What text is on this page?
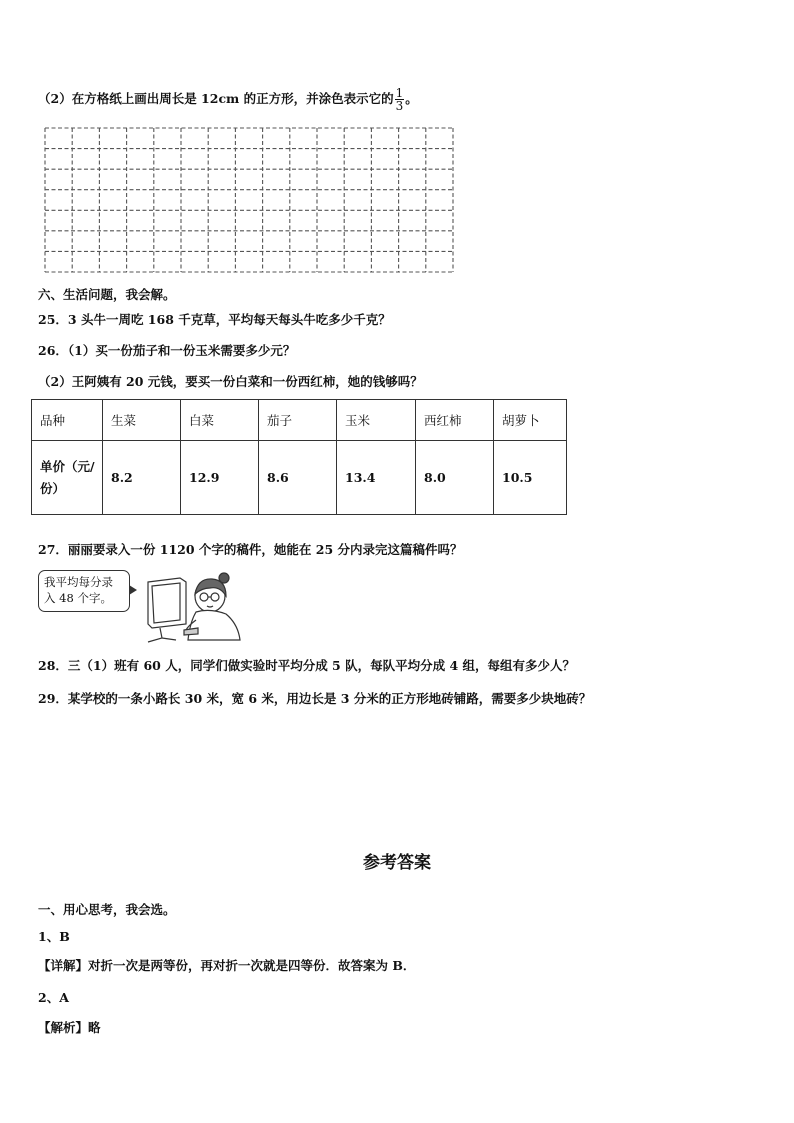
（2）在方格纸上画出周长是 12cm 的正方形，并涂色表示它的 $\frac{1}{3}$ 。
六、生活问题，我会解。
25．3 头牛一周吃 168 千克草，平均每天每头牛吃多少千克？
26．（1）买一份茄子和一份玉米需要多少元？
（2）王阿姨有 20 元钱，要买一份白菜和一份西红柿，她的钱够吗？
品种	生菜	白菜	茄子	玉米	西红柿	胡萝卜
单价（元/
份）	8.2	12.9	8.6	13.4	8.0	10.5
27．丽丽要录入一份 1120 个字的稿件，她能在 25 分内录完这篇稿件吗？
我平均每分录
入 48 个字。
28．三（1）班有 60 人，同学们做实验时平均分成 5 队，每队平均分成 4 组，每组有多少人？
29．某学校的一条小路长 30 米，宽 6 米，用边长是 3 分米的正方形地砖铺路，需要多少块地砖？
参考答案
一、用心思考，我会选。
1、B
【详解】对折一次是两等份，再对折一次就是四等份．故答案为 B．
2、A
【解析】略
